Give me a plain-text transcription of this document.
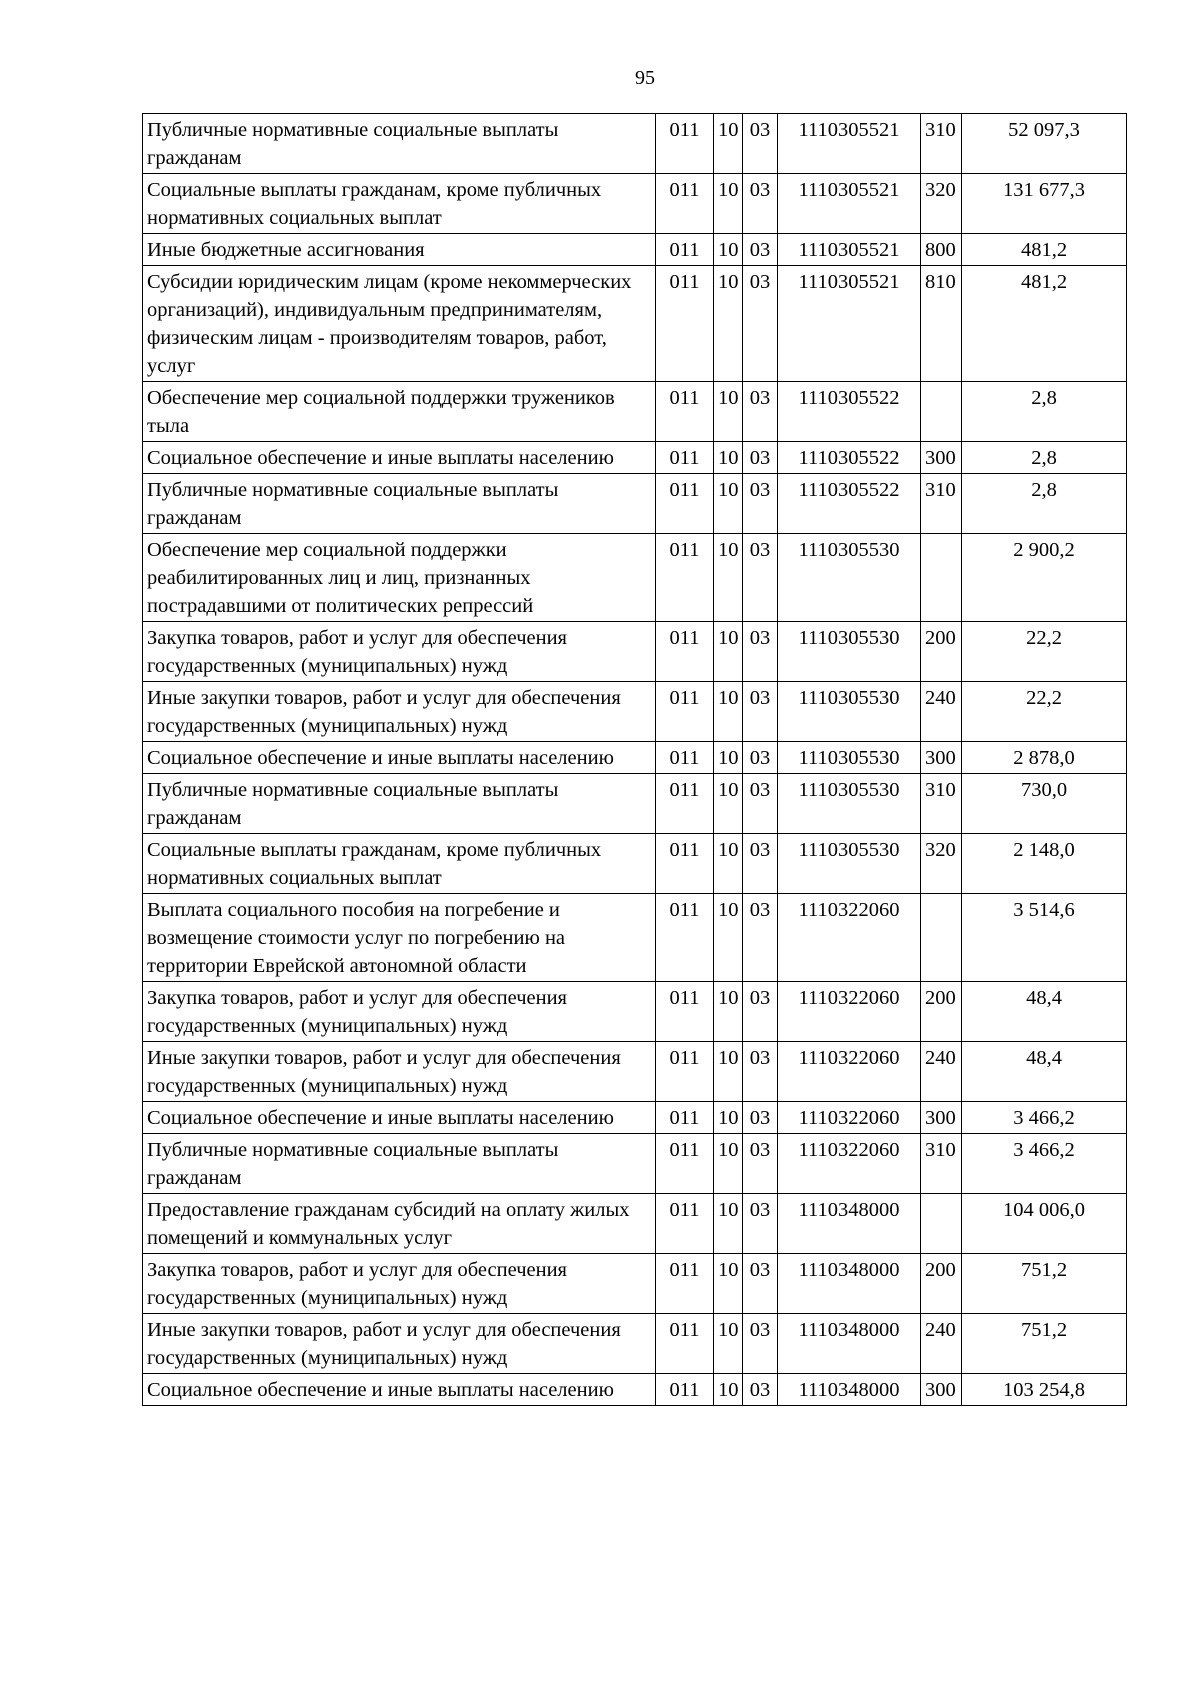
95
Публичные нормативные социальные выплаты гражданам	011	10	03	1110305521	310	52 097,3
Социальные выплаты гражданам, кроме публичных нормативных социальных выплат	011	10	03	1110305521	320	131 677,3
Иные бюджетные ассигнования	011	10	03	1110305521	800	481,2
Субсидии юридическим лицам (кроме некоммерческих организаций), индивидуальным предпринимателям, физическим лицам - производителям товаров, работ, услуг	011	10	03	1110305521	810	481,2
Обеспечение мер социальной поддержки тружеников тыла	011	10	03	1110305522		2,8
Социальное обеспечение и иные выплаты населению	011	10	03	1110305522	300	2,8
Публичные нормативные социальные выплаты гражданам	011	10	03	1110305522	310	2,8
Обеспечение мер социальной поддержки реабилитированных лиц и лиц, признанных пострадавшими от политических репрессий	011	10	03	1110305530		2 900,2
Закупка товаров, работ и услуг для обеспечения государственных (муниципальных) нужд	011	10	03	1110305530	200	22,2
Иные закупки товаров, работ и услуг для обеспечения государственных (муниципальных) нужд	011	10	03	1110305530	240	22,2
Социальное обеспечение и иные выплаты населению	011	10	03	1110305530	300	2 878,0
Публичные нормативные социальные выплаты гражданам	011	10	03	1110305530	310	730,0
Социальные выплаты гражданам, кроме публичных нормативных социальных выплат	011	10	03	1110305530	320	2 148,0
Выплата социального пособия на погребение и возмещение стоимости услуг по погребению на территории Еврейской автономной области	011	10	03	1110322060		3 514,6
Закупка товаров, работ и услуг для обеспечения государственных (муниципальных) нужд	011	10	03	1110322060	200	48,4
Иные закупки товаров, работ и услуг для обеспечения государственных (муниципальных) нужд	011	10	03	1110322060	240	48,4
Социальное обеспечение и иные выплаты населению	011	10	03	1110322060	300	3 466,2
Публичные нормативные социальные выплаты гражданам	011	10	03	1110322060	310	3 466,2
Предоставление гражданам субсидий на оплату жилых помещений и коммунальных услуг	011	10	03	1110348000		104 006,0
Закупка товаров, работ и услуг для обеспечения государственных (муниципальных) нужд	011	10	03	1110348000	200	751,2
Иные закупки товаров, работ и услуг для обеспечения государственных (муниципальных) нужд	011	10	03	1110348000	240	751,2
Социальное обеспечение и иные выплаты населению	011	10	03	1110348000	300	103 254,8
